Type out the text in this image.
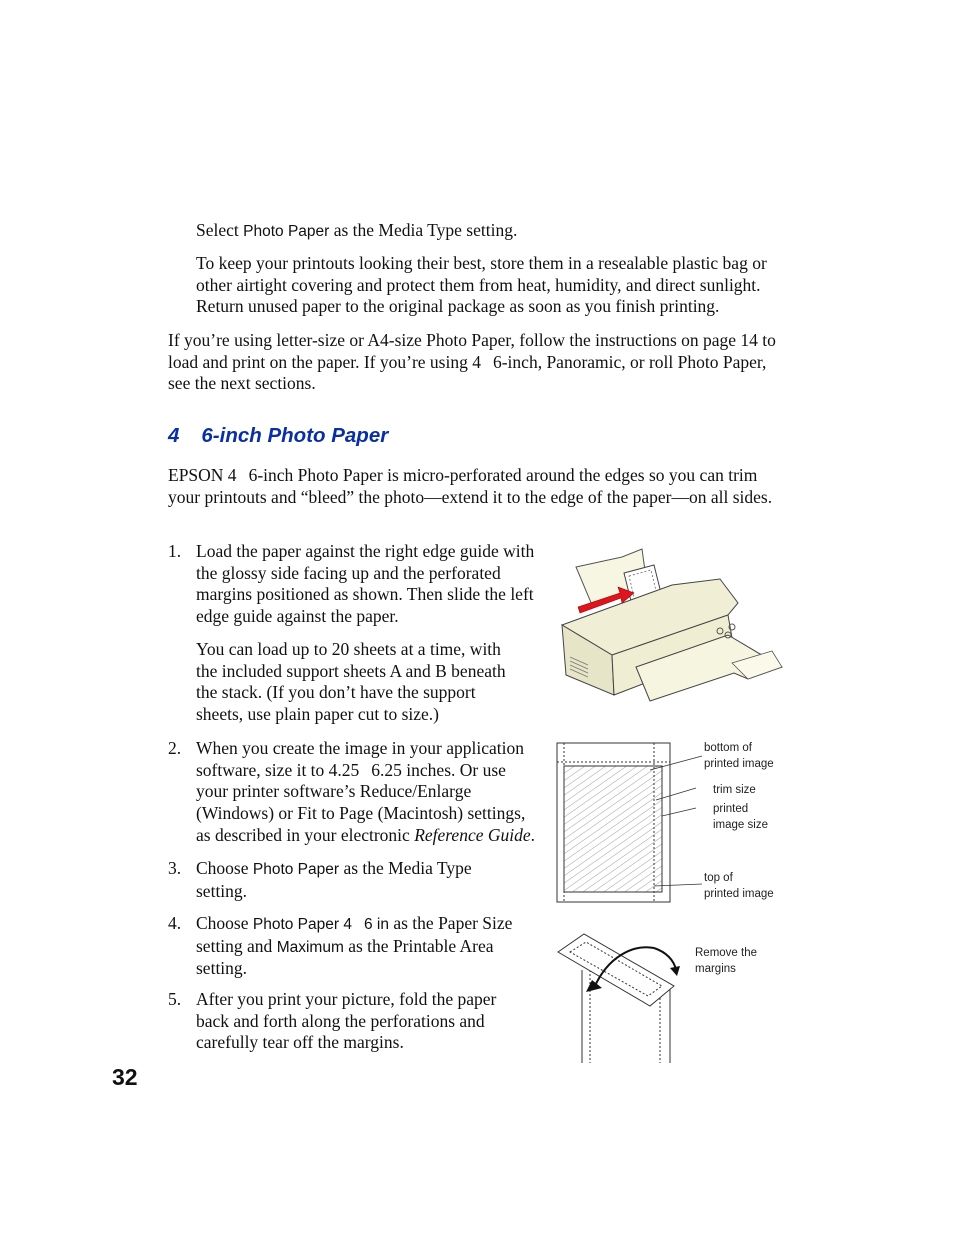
Select Photo Paper as the Media Type setting.

To keep your printouts looking their best, store them in a resealable plastic bag or other airtight covering and protect them from heat, humidity, and direct sunlight. Return unused paper to the original package as soon as you finish printing.

If you’re using letter-size or A4-size Photo Paper, follow the instructions on page 14 to load and print on the paper. If you’re using 4 6-inch, Panoramic, or roll Photo Paper, see the next sections.

4 6-inch Photo Paper

EPSON 4 6-inch Photo Paper is micro-perforated around the edges so you can trim your printouts and “bleed” the photo—extend it to the edge of the paper—on all sides.

1. Load the paper against the right edge guide with the glossy side facing up and the perforated margins positioned as shown. Then slide the left edge guide against the paper.

You can load up to 20 sheets at a time, with the included support sheets A and B beneath the stack. (If you don’t have the support sheets, use plain paper cut to size.)

2. When you create the image in your application software, size it to 4.25 6.25 inches. Or use your printer software’s Reduce/Enlarge (Windows) or Fit to Page (Macintosh) settings, as described in your electronic Reference Guide.

3. Choose Photo Paper as the Media Type setting.

4. Choose Photo Paper 4 6 in as the Paper Size setting and Maximum as the Printable Area setting.

5. After you print your picture, fold the paper back and forth along the perforations and carefully tear off the margins.

bottom of
printed image
trim size
printed
image size
top of
printed image
Remove the
margins
32
